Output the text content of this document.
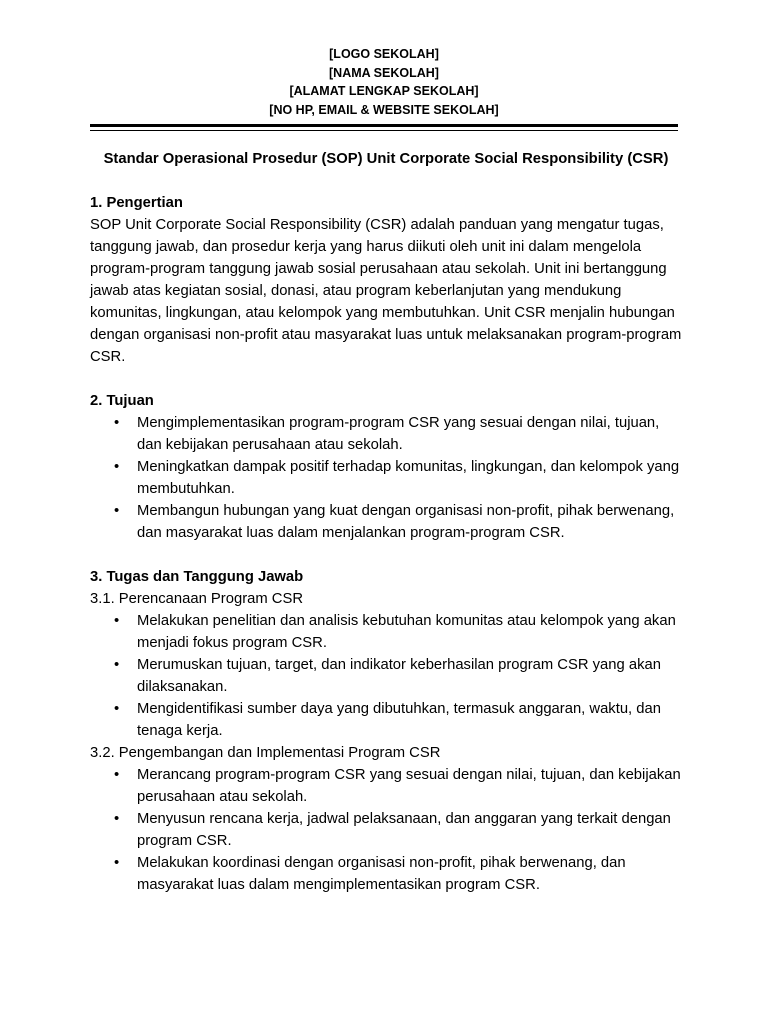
[LOGO SEKOLAH]
[NAMA SEKOLAH]
[ALAMAT LENGKAP SEKOLAH]
[NO HP, EMAIL & WEBSITE SEKOLAH]

Standar Operasional Prosedur (SOP) Unit Corporate Social Responsibility (CSR)

1. Pengertian

SOP Unit Corporate Social Responsibility (CSR) adalah panduan yang mengatur tugas, tanggung jawab, dan prosedur kerja yang harus diikuti oleh unit ini dalam mengelola program-program tanggung jawab sosial perusahaan atau sekolah. Unit ini bertanggung jawab atas kegiatan sosial, donasi, atau program keberlanjutan yang mendukung komunitas, lingkungan, atau kelompok yang membutuhkan. Unit CSR menjalin hubungan dengan organisasi non-profit atau masyarakat luas untuk melaksanakan program-program CSR.

2. Tujuan

• Mengimplementasikan program-program CSR yang sesuai dengan nilai, tujuan, dan kebijakan perusahaan atau sekolah.
• Meningkatkan dampak positif terhadap komunitas, lingkungan, dan kelompok yang membutuhkan.
• Membangun hubungan yang kuat dengan organisasi non-profit, pihak berwenang, dan masyarakat luas dalam menjalankan program-program CSR.

3. Tugas dan Tanggung Jawab

3.1. Perencanaan Program CSR

• Melakukan penelitian dan analisis kebutuhan komunitas atau kelompok yang akan menjadi fokus program CSR.
• Merumuskan tujuan, target, dan indikator keberhasilan program CSR yang akan dilaksanakan.
• Mengidentifikasi sumber daya yang dibutuhkan, termasuk anggaran, waktu, dan tenaga kerja.

3.2. Pengembangan dan Implementasi Program CSR

• Merancang program-program CSR yang sesuai dengan nilai, tujuan, dan kebijakan perusahaan atau sekolah.
• Menyusun rencana kerja, jadwal pelaksanaan, dan anggaran yang terkait dengan program CSR.
• Melakukan koordinasi dengan organisasi non-profit, pihak berwenang, dan masyarakat luas dalam mengimplementasikan program CSR.
